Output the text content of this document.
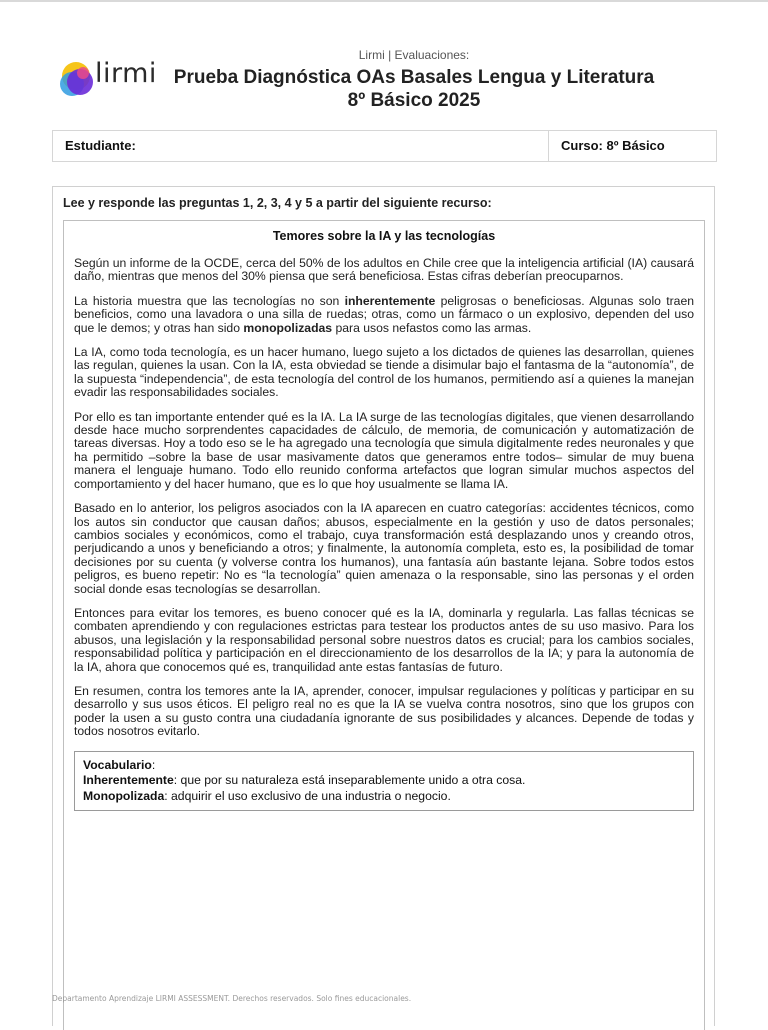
lirmi
Lirmi | Evaluaciones:
Prueba Diagnóstica OAs Basales Lengua y Literatura 8º Básico 2025
Estudiante:	Curso: 8º Básico
Lee y responde las preguntas 1, 2, 3, 4 y 5 a partir del siguiente recurso:

Temores sobre la IA y las tecnologías

Según un informe de la OCDE, cerca del 50% de los adultos en Chile cree que la inteligencia artificial (IA) causará daño, mientras que menos del 30% piensa que será beneficiosa. Estas cifras deberían preocuparnos.

La historia muestra que las tecnologías no son inherentemente peligrosas o beneficiosas. Algunas solo traen beneficios, como una lavadora o una silla de ruedas; otras, como un fármaco o un explosivo, dependen del uso que le demos; y otras han sido monopolizadas para usos nefastos como las armas.

La IA, como toda tecnología, es un hacer humano, luego sujeto a los dictados de quienes las desarrollan, quienes las regulan, quienes la usan. Con la IA, esta obviedad se tiende a disimular bajo el fantasma de la “autonomía”, de la supuesta “independencia”, de esta tecnología del control de los humanos, permitiendo así a quienes la manejan evadir las responsabilidades sociales.

Por ello es tan importante entender qué es la IA. La IA surge de las tecnologías digitales, que vienen desarrollando desde hace mucho sorprendentes capacidades de cálculo, de memoria, de comunicación y automatización de tareas diversas. Hoy a todo eso se le ha agregado una tecnología que simula digitalmente redes neuronales y que ha permitido –sobre la base de usar masivamente datos que generamos entre todos– simular de muy buena manera el lenguaje humano. Todo ello reunido conforma artefactos que logran simular muchos aspectos del comportamiento y del hacer humano, que es lo que hoy usualmente se llama IA.

Basado en lo anterior, los peligros asociados con la IA aparecen en cuatro categorías: accidentes técnicos, como los autos sin conductor que causan daños; abusos, especialmente en la gestión y uso de datos personales; cambios sociales y económicos, como el trabajo, cuya transformación está desplazando unos y creando otros, perjudicando a unos y beneficiando a otros; y finalmente, la autonomía completa, esto es, la posibilidad de tomar decisiones por su cuenta (y volverse contra los humanos), una fantasía aún bastante lejana. Sobre todos estos peligros, es bueno repetir: No es “la tecnología” quien amenaza o la responsable, sino las personas y el orden social donde esas tecnologías se desarrollan.

Entonces para evitar los temores, es bueno conocer qué es la IA, dominarla y regularla. Las fallas técnicas se combaten aprendiendo y con regulaciones estrictas para testear los productos antes de su uso masivo. Para los abusos, una legislación y la responsabilidad personal sobre nuestros datos es crucial; para los cambios sociales, responsabilidad política y participación en el direccionamiento de los desarrollos de la IA; y para la autonomía de la IA, ahora que conocemos qué es, tranquilidad ante estas fantasías de futuro.

En resumen, contra los temores ante la IA, aprender, conocer, impulsar regulaciones y políticas y participar en su desarrollo y sus usos éticos. El peligro real no es que la IA se vuelva contra nosotros, sino que los grupos con poder la usen a su gusto contra una ciudadanía ignorante de sus posibilidades y alcances. Depende de todas y todos nosotros evitarlo.

Vocabulario:
Inherentemente: que por su naturaleza está inseparablemente unido a otra cosa.
Monopolizada: adquirir el uso exclusivo de una industria o negocio.
Departamento Aprendizaje LIRMI ASSESSMENT. Derechos reservados. Solo fines educacionales.
